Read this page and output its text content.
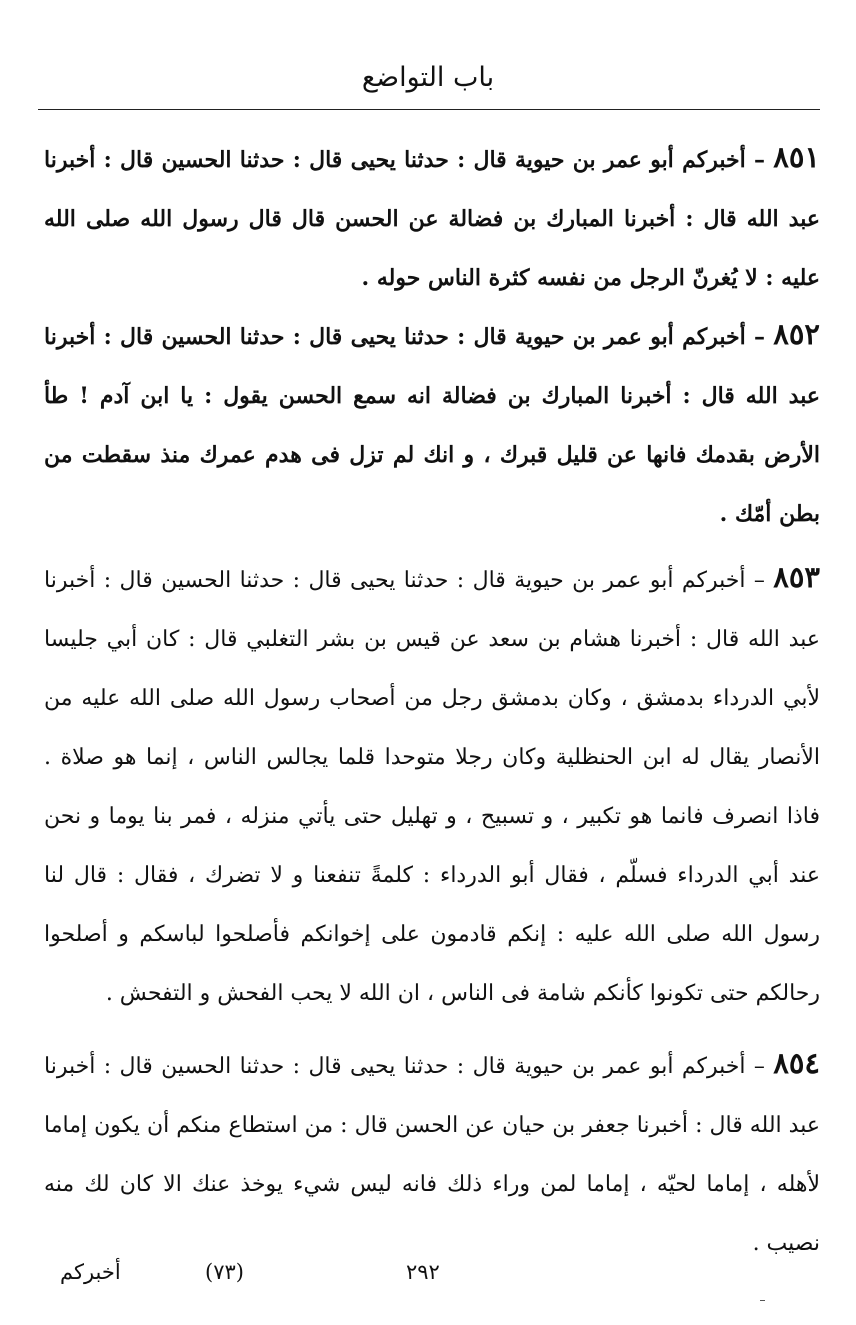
باب التواضع
٨٥١ – أخبركم أبو عمر بن حيوية قال : حدثنا يحيى قال : حدثنا الحسين قال : أخبرنا عبد الله قال : أخبرنا المبارك بن فضالة عن الحسن قال قال رسول الله صلى الله عليه : لا يُغرنّ الرجل من نفسه كثرة الناس حوله .
٨٥٢ – أخبركم أبو عمر بن حيوية قال : حدثنا يحيى قال : حدثنا الحسين قال : أخبرنا عبد الله قال : أخبرنا المبارك بن فضالة انه سمع الحسن يقول : يا ابن آدم ! طأ الأرض بقدمك فانها عن قليل قبرك ، و انك لم تزل فى هدم عمرك منذ سقطت من بطن أمّك .
٨٥٣ – أخبركم أبو عمر بن حيوية قال : حدثنا يحيى قال : حدثنا الحسين قال : أخبرنا عبد الله قال : أخبرنا هشام بن سعد عن قيس بن بشر التغلبي قال : كان أبي جليسا لأبي الدرداء بدمشق ، وكان بدمشق رجل من أصحاب رسول الله صلى الله عليه من الأنصار يقال له ابن الحنظلية وكان رجلا متوحدا قلما يجالس الناس ، إنما هو صلاة . فاذا انصرف فانما هو تكبير ، و تسبيح ، و تهليل حتى يأتي منزله ، فمر بنا يوما و نحن عند أبي الدرداء فسلّم ، فقال أبو الدرداء : كلمةً تنفعنا و لا تضرك ، فقال : قال لنا رسول الله صلى الله عليه : إنكم قادمون على إخوانكم فأصلحوا لباسكم و أصلحوا رحالكم حتى تكونوا كأنكم شامة فى الناس ، ان الله لا يحب الفحش و التفحش .
٨٥٤ – أخبركم أبو عمر بن حيوية قال : حدثنا يحيى قال : حدثنا الحسين قال : أخبرنا عبد الله قال : أخبرنا جعفر بن حيان عن الحسن قال : من استطاع منكم أن يكون إماما لأهله ، إماما لحيّه ، إماما لمن وراء ذلك فانه ليس شيء يوخذ عنك الا كان لك منه نصيب .
٢٩٢
(٧٣)
أخبركم
